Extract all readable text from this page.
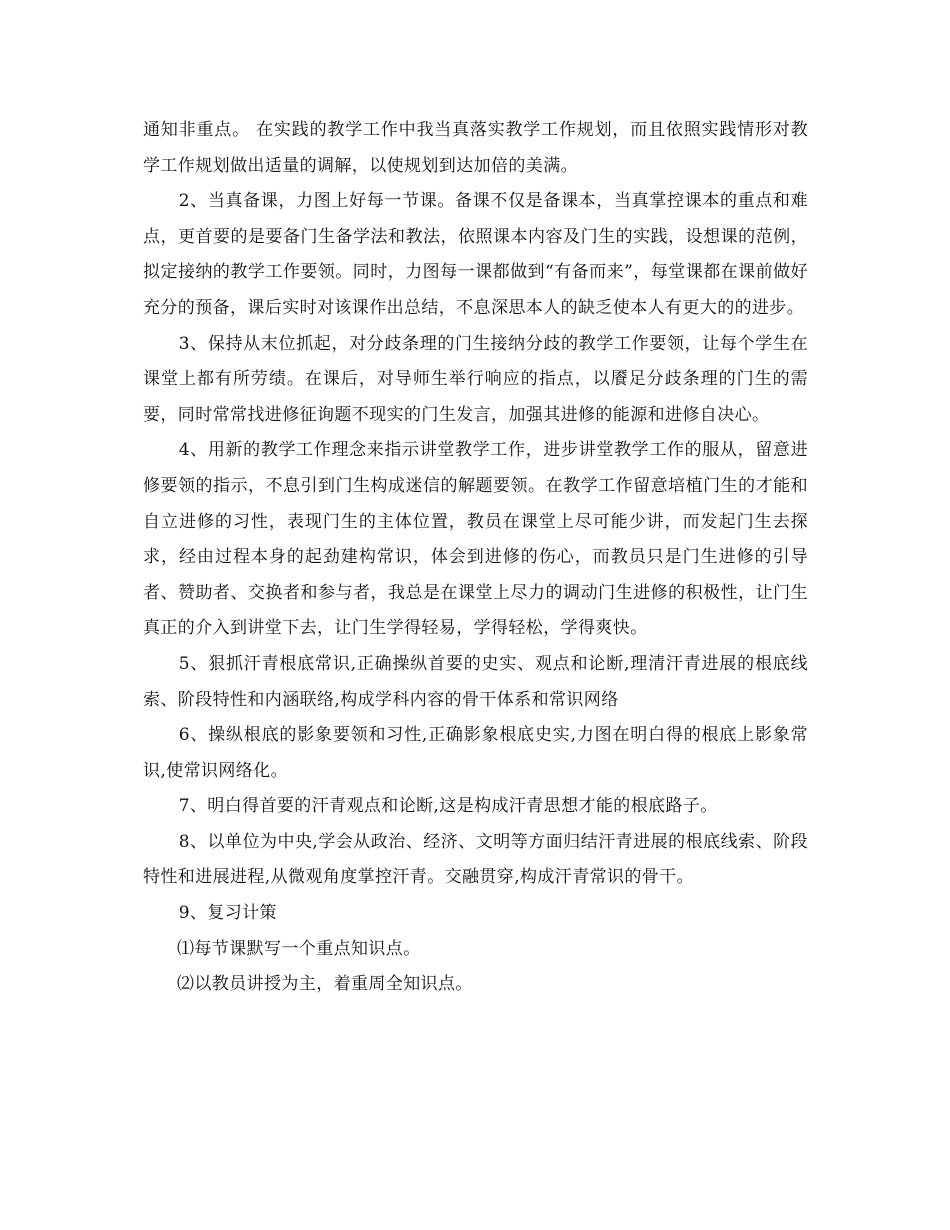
通知非重点。 在实践的教学工作中我当真落实教学工作规划，而且依照实践情形对教学工作规划做出适量的调解，以使规划到达加倍的美满。

2、当真备课，力图上好每一节课。备课不仅是备课本，当真掌控课本的重点和难点，更首要的是要备门生备学法和教法，依照课本内容及门生的实践，设想课的范例，拟定接纳的教学工作要领。同时，力图每一课都做到“有备而来”，每堂课都在课前做好充分的预备，课后实时对该课作出总结，不息深思本人的缺乏使本人有更大的的进步。

3、保持从末位抓起，对分歧条理的门生接纳分歧的教学工作要领，让每个学生在课堂上都有所劳绩。在课后，对导师生举行响应的指点，以餍足分歧条理的门生的需要，同时常常找进修征询题不现实的门生发言，加强其进修的能源和进修自决心。

4、用新的教学工作理念来指示讲堂教学工作，进步讲堂教学工作的服从，留意进修要领的指示，不息引到门生构成迷信的解题要领。在教学工作留意培植门生的才能和自立进修的习性，表现门生的主体位置，教员在课堂上尽可能少讲，而发起门生去探求，经由过程本身的起劲建构常识，体会到进修的伤心，而教员只是门生进修的引导者、赞助者、交换者和参与者，我总是在课堂上尽力的调动门生进修的积极性，让门生真正的介入到讲堂下去，让门生学得轻易，学得轻松，学得爽快。

5、狠抓汗青根底常识,正确操纵首要的史实、观点和论断,理清汗青进展的根底线索、阶段特性和内涵联络,构成学科内容的骨干体系和常识网络

6、操纵根底的影象要领和习性,正确影象根底史实,力图在明白得的根底上影象常识,使常识网络化。

7、明白得首要的汗青观点和论断,这是构成汗青思想才能的根底路子。

8、以单位为中央,学会从政治、经济、文明等方面归结汗青进展的根底线索、阶段特性和进展进程,从微观角度掌控汗青。交融贯穿,构成汗青常识的骨干。

9、复习计策

⑴每节课默写一个重点知识点。

⑵以教员讲授为主，着重周全知识点。
